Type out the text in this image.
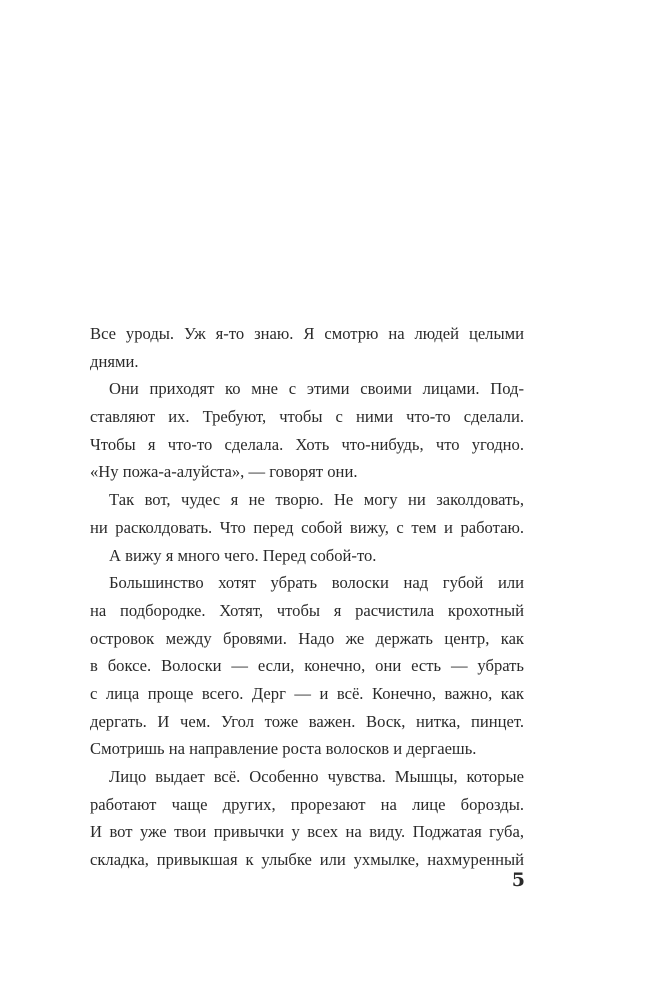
Все уроды. Уж я-то знаю. Я смотрю на людей целыми
днями.
Они приходят ко мне с этими своими лицами. Под-
ставляют их. Требуют, чтобы с ними что-то сделали.
Чтобы я что-то сделала. Хоть что-нибудь, что угодно.
«Ну пожа-а-алуйста», — говорят они.
Так вот, чудес я не творю. Не могу ни заколдовать,
ни расколдовать. Что перед собой вижу, с тем и работаю.
А вижу я много чего. Перед собой-то.
Большинство хотят убрать волоски над губой или
на подбородке. Хотят, чтобы я расчистила крохотный
островок между бровями. Надо же держать центр, как
в боксе. Волоски — если, конечно, они есть — убрать
с лица проще всего. Дерг — и всё. Конечно, важно, как
дергать. И чем. Угол тоже важен. Воск, нитка, пинцет.
Смотришь на направление роста волосков и дергаешь.
Лицо выдает всё. Особенно чувства. Мышцы, которые
работают чаще других, прорезают на лице борозды.
И вот уже твои привычки у всех на виду. Поджатая губа,
складка, привыкшая к улыбке или ухмылке, нахмуренный
5
